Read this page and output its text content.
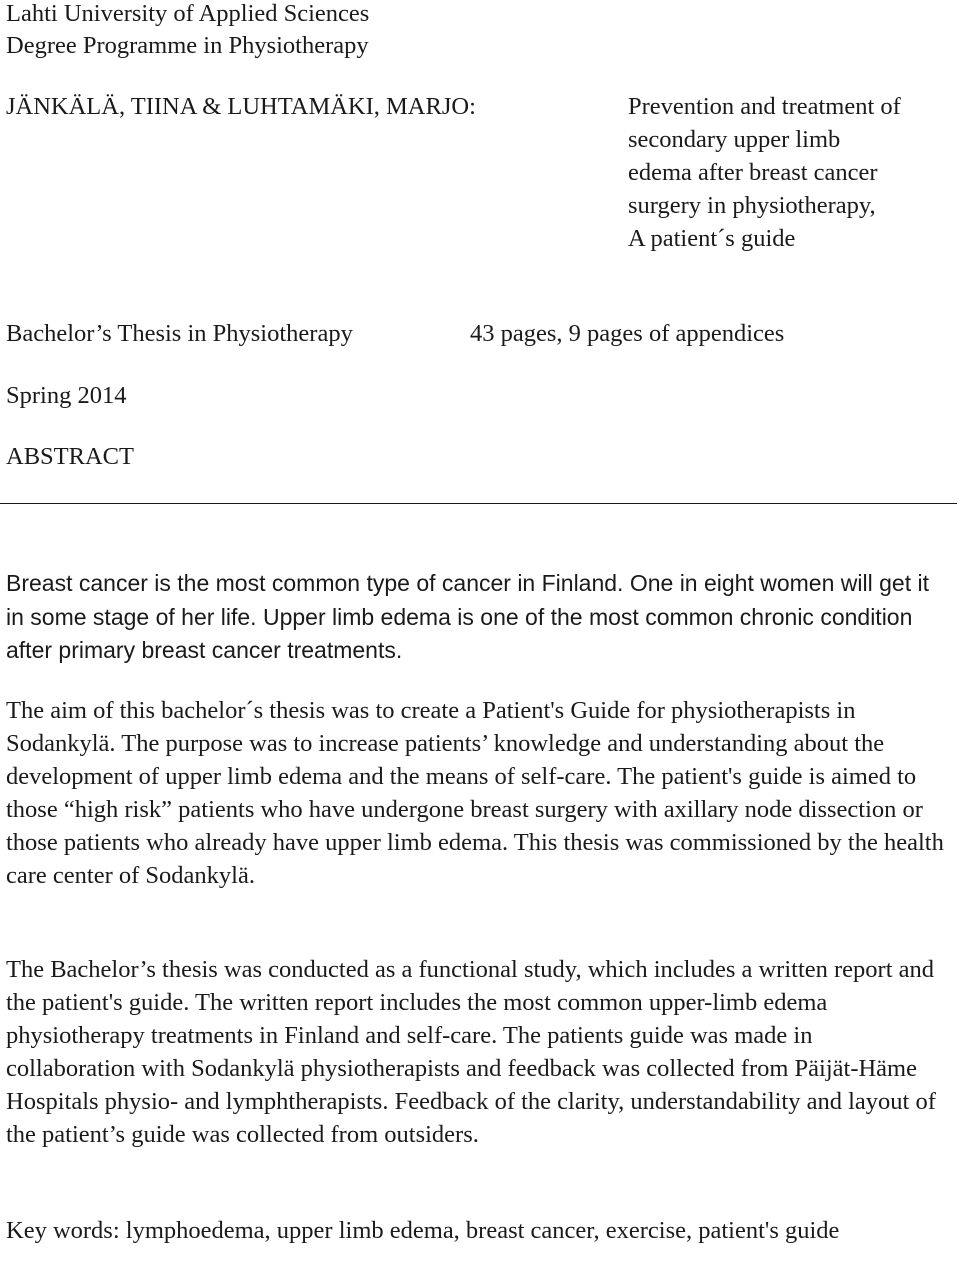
Lahti University of Applied Sciences
Degree Programme in Physiotherapy
JÄNKÄLÄ, TIINA & LUHTAMÄKI, MARJO:	Prevention and treatment of
secondary upper limb
edema after breast cancer
surgery in physiotherapy,
A patient´s guide
Bachelor’s Thesis in Physiotherapy	43 pages, 9 pages of appendices
Spring 2014
ABSTRACT

Breast cancer is the most common type of cancer in Finland. One in eight women will get it in some stage of her life. Upper limb edema is one of the most common chronic condition after primary breast cancer treatments.

The aim of this bachelor´s thesis was to create a Patient's Guide for physiotherapists in Sodankylä. The purpose was to increase patients’ knowledge and understanding about the development of upper limb edema and the means of self-care. The patient's guide is aimed to those “high risk” patients who have undergone breast surgery with axillary node dissection or those patients who already have upper limb edema. This thesis was commissioned by the health care center of Sodankylä.

The Bachelor’s thesis was conducted as a functional study, which includes a written report and the patient's guide. The written report includes the most common upper-limb edema physiotherapy treatments in Finland and self-care. The patients guide was made in collaboration with Sodankylä physiotherapists and feedback was collected from Päijät-Häme Hospitals physio- and lymphtherapists. Feedback of the clarity, understandability and layout of the patient’s guide was collected from outsiders.

Key words: lymphoedema, upper limb edema, breast cancer, exercise, patient's guide
